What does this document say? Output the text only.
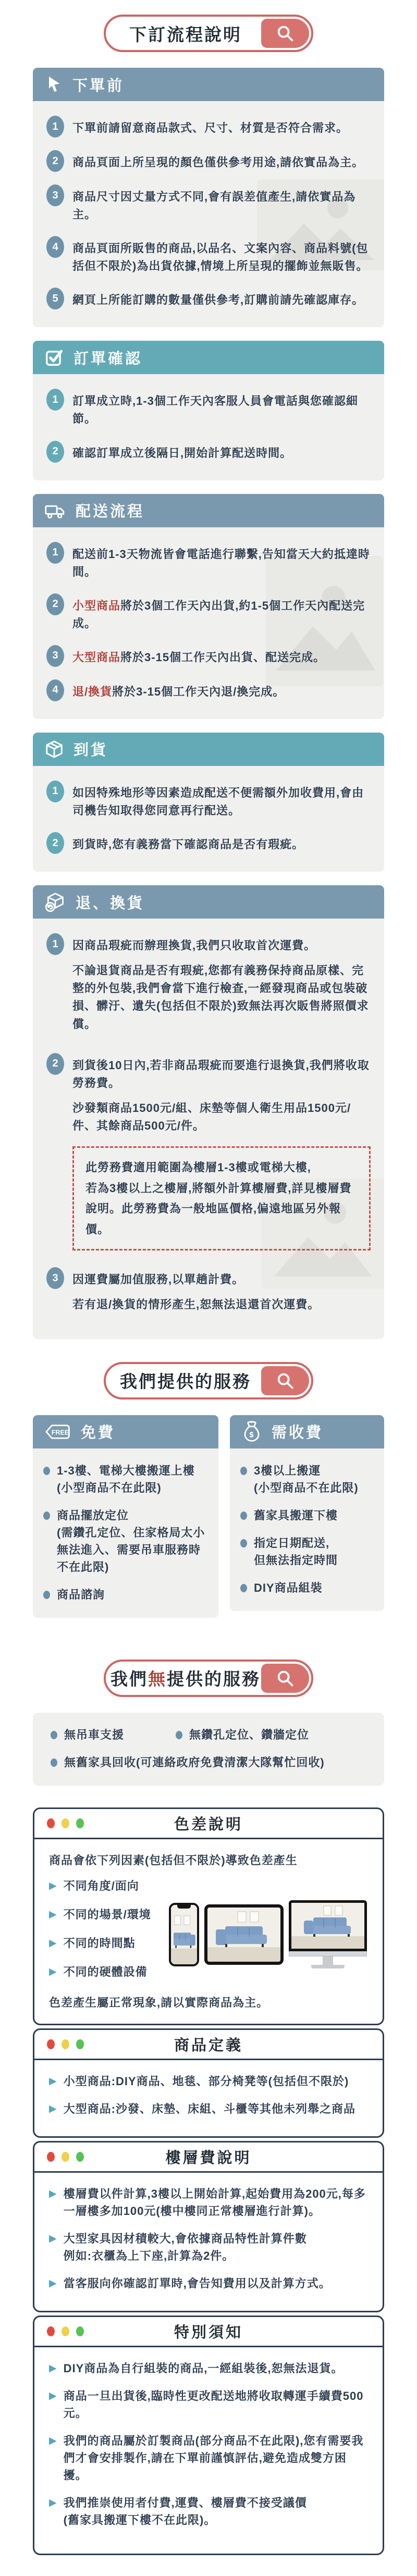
下訂流程說明
下單前
1	下單前請留意商品款式、尺寸、材質是否符合需求。
2	商品頁面上所呈現的顏色僅供參考用途,請依實品為主。
3	商品尺寸因丈量方式不同,會有誤差值產生,請依實品為主。
4	商品頁面所販售的商品,以品名、文案內容、商品料號(包括但不限於)為出貨依據,情境上所呈現的擺飾並無販售。
5	網頁上所能訂購的數量僅供參考,訂購前請先確認庫存。
訂單確認
1	訂單成立時,1-3個工作天內客服人員會電話與您確認細節。
2	確認訂單成立後隔日,開始計算配送時間。
配送流程
1	配送前1-3天物流皆會電話進行聯繫,告知當天大約抵達時間。
2	小型商品將於3個工作天內出貨,約1-5個工作天內配送完成。
3	大型商品將於3-15個工作天內出貨、配送完成。
4	退/換貨將於3-15個工作天內退/換完成。
到貨
1	如因特殊地形等因素造成配送不便需額外加收費用,會由司機告知取得您同意再行配送。
2	到貨時,您有義務當下確認商品是否有瑕疵。
退、換貨
1	因商品瑕疵而辦理換貨,我們只收取首次運費。

不論退貨商品是否有瑕疵,您都有義務保持商品原樣、完整的外包裝,我們會當下進行檢查,一經發現商品或包裝破損、髒汙、遺失(包括但不限於)致無法再次販售將照價求償。

2	到貨後10日內,若非商品瑕疵而要進行退換貨,我們將收取勞務費。

沙發類商品1500元/組、床墊等個人衛生用品1500元/件、其餘商品500元/件。

此勞務費適用範圍為樓層1-3樓或電梯大樓,
若為3樓以上之樓層,將額外計算樓層費,詳見樓層費說明。此勞務費為一般地區價格,偏遠地區另外報價。
3	因運費屬加值服務,以單趟計費。

若有退/換貨的情形產生,恕無法退還首次運費。

我們提供的服務
FREE 免費
1-3樓、電梯大樓搬運上樓(小型商品不在此限)
商品擺放定位
(需鑽孔定位、住家格局太小無法進入、需要吊車服務時不在此限)
商品諮詢
$ 需收費
3樓以上搬運
(小型商品不在此限)
舊家具搬運下樓
指定日期配送,
但無法指定時間
DIY商品組裝
我們無提供的服務
無吊車支援	無鑽孔定位、鑽牆定位
無舊家具回收(可連絡政府免費清潔大隊幫忙回收)
色差說明

商品會依下列因素(包括但不限於)導致色差產生

▶ 不同角度/面向
▶ 不同的場景/環境
▶ 不同的時間點
▶ 不同的硬體設備

色差產生屬正常現象,請以實際商品為主。

商品定義
▶ 小型商品:DIY商品、地毯、部分椅凳等(包括但不限於)
▶ 大型商品:沙發、床墊、床組、斗櫃等其他未列舉之商品
樓層費說明
▶ 樓層費以件計算,3樓以上開始計算,起始費用為200元,每多一層樓多加100元(樓中樓同正常樓層進行計算)。
▶ 大型家具因材積較大,會依據商品特性計算件數
例如:衣櫃為上下座,計算為2件。
▶ 當客服向你確認訂單時,會告知費用以及計算方式。
特別須知
▶ DIY商品為自行組裝的商品,一經組裝後,恕無法退貨。
▶ 商品一旦出貨後,臨時性更改配送地將收取轉運手續費500元。
▶ 我們的商品屬於訂製商品(部分商品不在此限),您有需要我們才會安排製作,請在下單前謹慎評估,避免造成雙方困擾。
▶ 我們推崇使用者付費,運費、樓層費不接受議價
(舊家具搬運下樓不在此限)。
